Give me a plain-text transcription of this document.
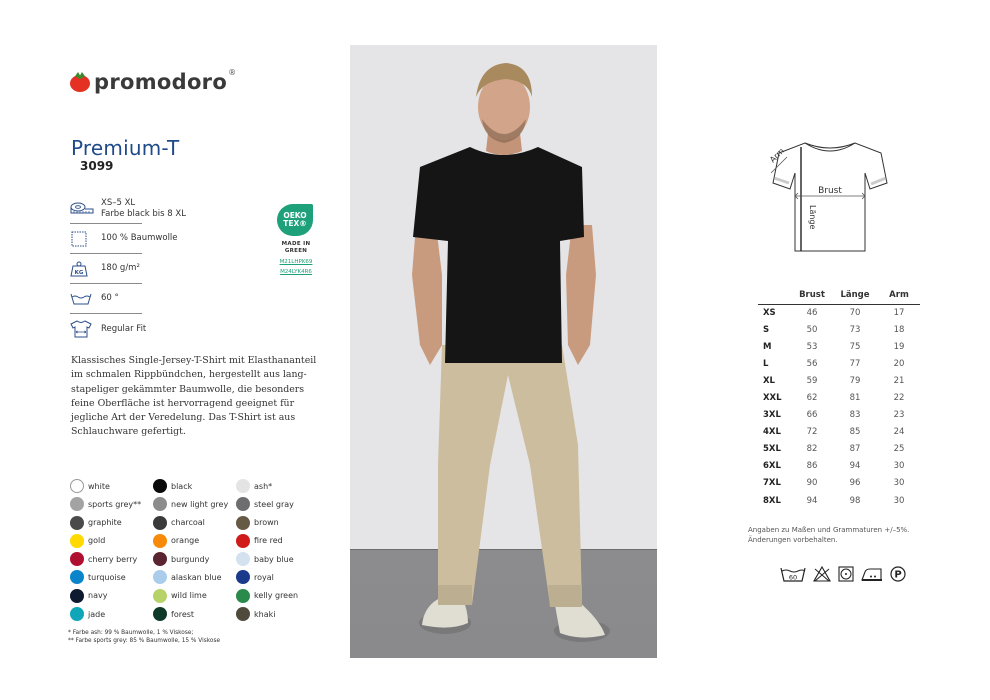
promodoro ®
Premium-T
3099
XS–5 XL
Farbe black bis 8 XL
100 % Baumwolle
KG 180 g/m²
60 °
Regular Fit
OEKO
TEX®
MADE IN
GREEN
M21LHPK69
M24LYK4R6
Klassisches Single-Jersey-T-Shirt mit Elasthananteil im schmalen Rippbündchen, hergestellt aus lang-stapeliger gekämmter Baumwolle, die besonders feine Oberfläche ist hervorragend geeignet für jegliche Art der Veredelung. Das T-Shirt ist aus Schlauchware gefertigt.
white	black	ash*
sports grey**	new light grey	steel gray
graphite	charcoal	brown
gold	orange	fire red
cherry berry	burgundy	baby blue
turquoise	alaskan blue	royal
navy	wild lime	kelly green
jade	forest	khaki
* Farbe ash: 99 % Baumwolle, 1 % Viskose;
** Farbe sports grey: 85 % Baumwolle, 15 % Viskose
Brust
Länge
Arm
	Brust	Länge	Arm
XS	46	70	17
S	50	73	18
M	53	75	19
L	56	77	20
XL	59	79	21
XXL	62	81	22
3XL	66	83	23
4XL	72	85	24
5XL	82	87	25
6XL	86	94	30
7XL	90	96	30
8XL	94	98	30
Angaben zu Maßen und Grammaturen +/–5%.
Änderungen vorbehalten.
60	P
